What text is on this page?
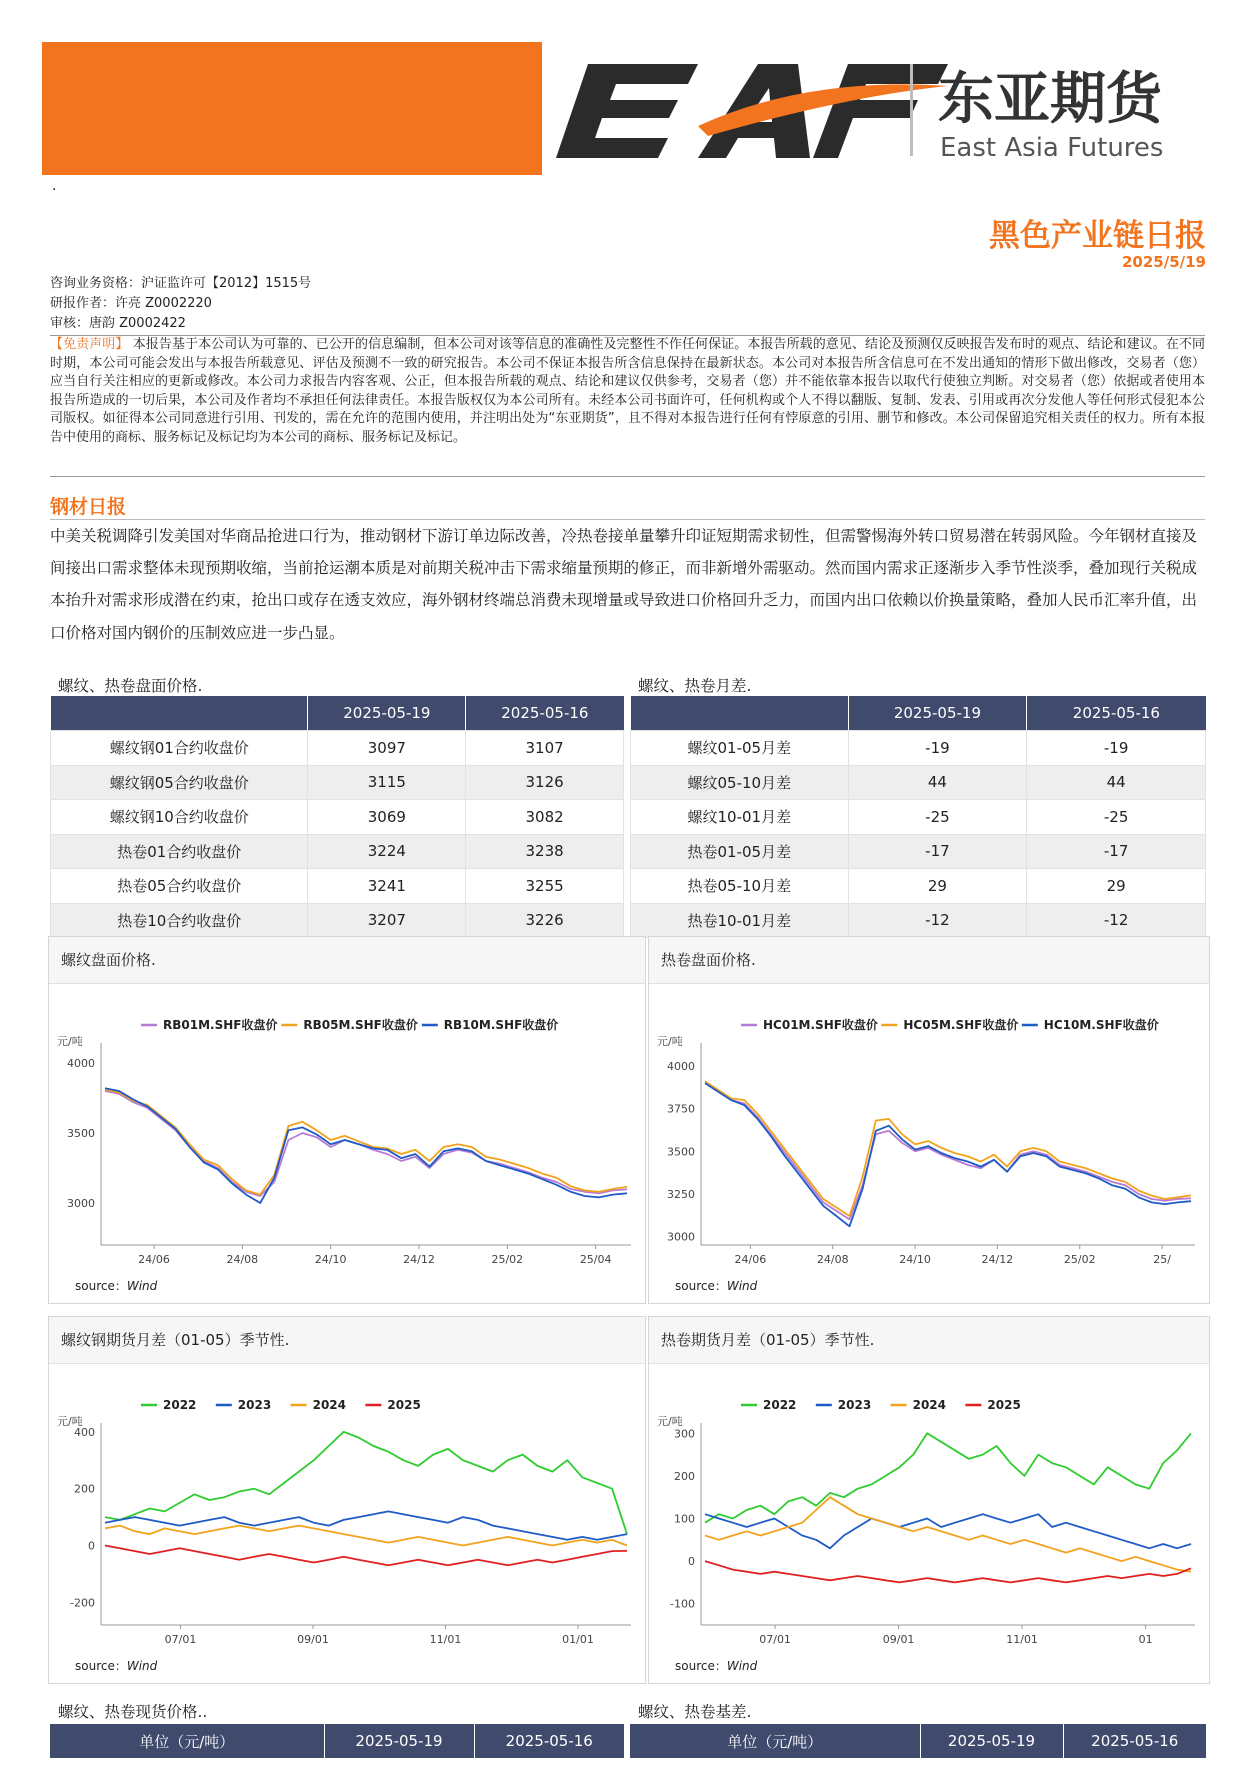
东亚期货
East Asia Futures
.
黑色产业链日报
2025/5/19
咨询业务资格：沪证监许可【2012】1515号
研报作者：许亮 Z0002220
审核：唐韵 Z0002422
【免责声明】 本报告基于本公司认为可靠的、已公开的信息编制，但本公司对该等信息的准确性及完整性不作任何保证。本报告所载的意见、结论及预测仅反映报告发布时的观点、结论和建议。在不同时期，本公司可能会发出与本报告所载意见、评估及预测不一致的研究报告。本公司不保证本报告所含信息保持在最新状态。本公司对本报告所含信息可在不发出通知的情形下做出修改，交易者（您）应当自行关注相应的更新或修改。本公司力求报告内容客观、公正，但本报告所载的观点、结论和建议仅供参考，交易者（您）并不能依靠本报告以取代行使独立判断。对交易者（您）依据或者使用本报告所造成的一切后果，本公司及作者均不承担任何法律责任。本报告版权仅为本公司所有。未经本公司书面许可，任何机构或个人不得以翻版、复制、发表、引用或再次分发他人等任何形式侵犯本公司版权。如征得本公司同意进行引用、刊发的，需在允许的范围内使用，并注明出处为“东亚期货”，且不得对本报告进行任何有悖原意的引用、删节和修改。本公司保留追究相关责任的权力。所有本报告中使用的商标、服务标记及标记均为本公司的商标、服务标记及标记。
钢材日报
中美关税调降引发美国对华商品抢进口行为，推动钢材下游订单边际改善，冷热卷接单量攀升印证短期需求韧性，但需警惕海外转口贸易潜在转弱风险。今年钢材直接及间接出口需求整体未现预期收缩，当前抢运潮本质是对前期关税冲击下需求缩量预期的修正，而非新增外需驱动。然而国内需求正逐渐步入季节性淡季，叠加现行关税成本抬升对需求形成潜在约束，抢出口或存在透支效应，海外钢材终端总消费未现增量或导致进口价格回升乏力，而国内出口依赖以价换量策略，叠加人民币汇率升值，出口价格对国内钢价的压制效应进一步凸显。
螺纹、热卷盘面价格.
	2025-05-19	2025-05-16
螺纹钢01合约收盘价	3097	3107
螺纹钢05合约收盘价	3115	3126
螺纹钢10合约收盘价	3069	3082
热卷01合约收盘价	3224	3238
热卷05合约收盘价	3241	3255
热卷10合约收盘价	3207	3226
螺纹、热卷月差.
	2025-05-19	2025-05-16
螺纹01-05月差	-19	-19
螺纹05-10月差	44	44
螺纹10-01月差	-25	-25
热卷01-05月差	-17	-17
热卷05-10月差	29	29
热卷10-01月差	-12	-12
螺纹盘面价格.
RB01M.SHF收盘价 RB05M.SHF收盘价 RB10M.SHF收盘价
元/吨
3000
3500
4000
24/06	24/08	24/10	24/12	25/02	25/04
source：Wind
热卷盘面价格.
HC01M.SHF收盘价 HC05M.SHF收盘价 HC10M.SHF收盘价
元/吨
3000
3250
3500
3750
4000
24/06	24/08	24/10	24/12	25/02	25/
source：Wind
螺纹钢期货月差（01-05）季节性.
2022	2023	2024	2025
元/吨
-200
0
200
400
07/01	09/01	11/01	01/01
source：Wind
热卷期货月差（01-05）季节性.
2022	2023	2024	2025
元/吨
-100
0
100
200
300
07/01	09/01	11/01	01
source：Wind
螺纹、热卷现货价格..
单位（元/吨）	2025-05-19	2025-05-16
螺纹、热卷基差.
单位（元/吨）	2025-05-19	2025-05-16
